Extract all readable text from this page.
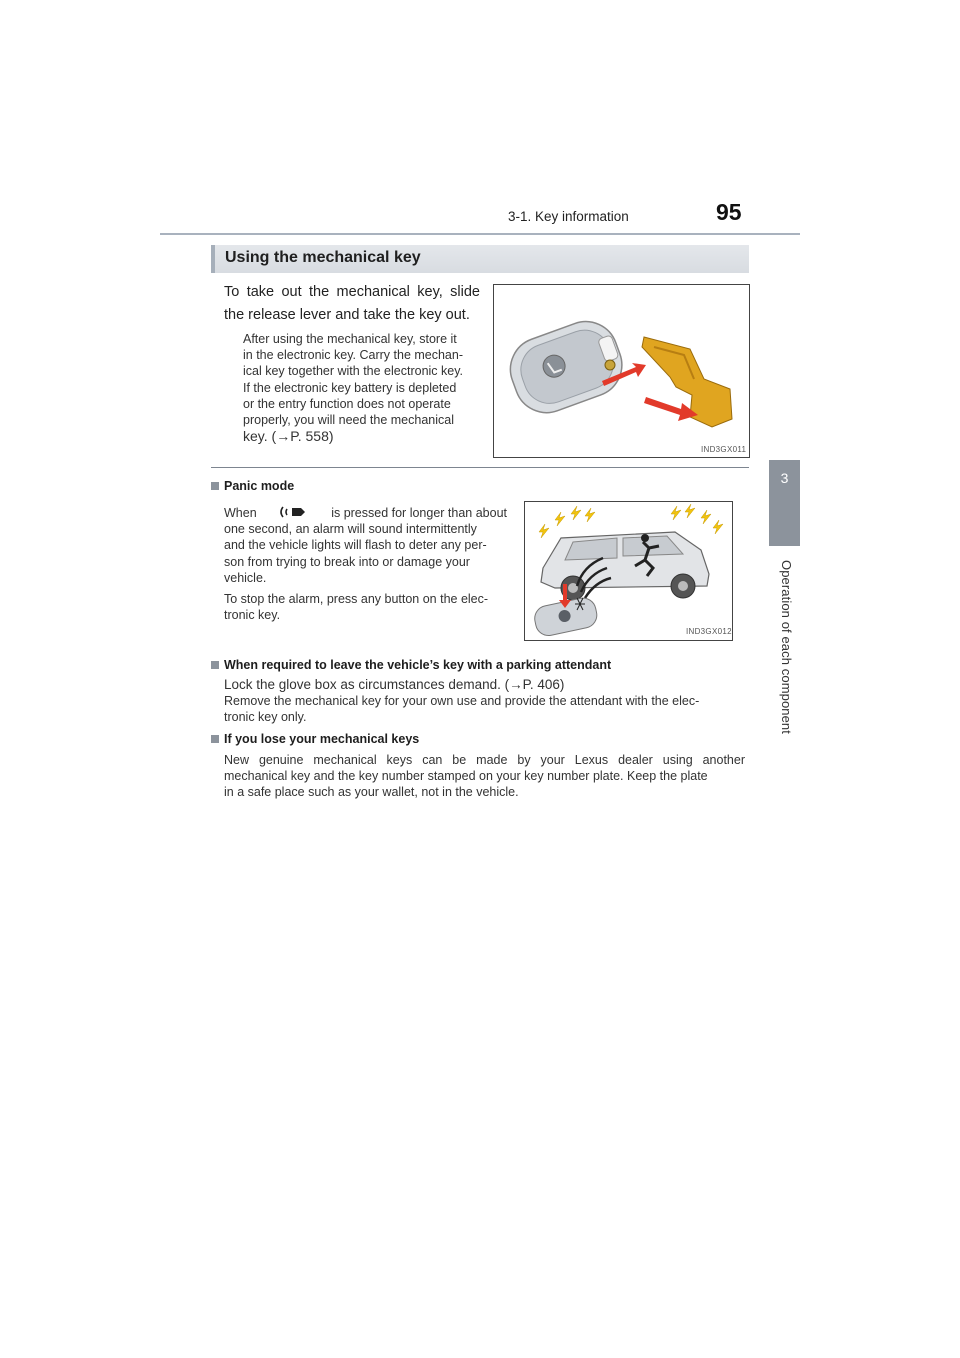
3-1. Key information	95
3
Operation of each component
Using the mechanical key
To take out the mechanical key, slide the release lever and take the key out.
After using the mechanical key, store it
in the electronic key. Carry the mechan-
ical key together with the electronic key.
If the electronic key battery is depleted
or the entry function does not operate
properly, you will need the mechanical
key. (→P. 558)
IND3GX011
Panic mode
When	is pressed for longer than about
one second, an alarm will sound intermittently
and the vehicle lights will flash to deter any per-
son from trying to break into or damage your
vehicle.
To stop the alarm, press any button on the elec-
tronic key.
IND3GX012
When required to leave the vehicle’s key with a parking attendant
Lock the glove box as circumstances demand. (→P. 406)
Remove the mechanical key for your own use and provide the attendant with the elec-
tronic key only.
If you lose your mechanical keys
New genuine mechanical keys can be made by your Lexus dealer using another
mechanical key and the key number stamped on your key number plate. Keep the plate
in a safe place such as your wallet, not in the vehicle.
